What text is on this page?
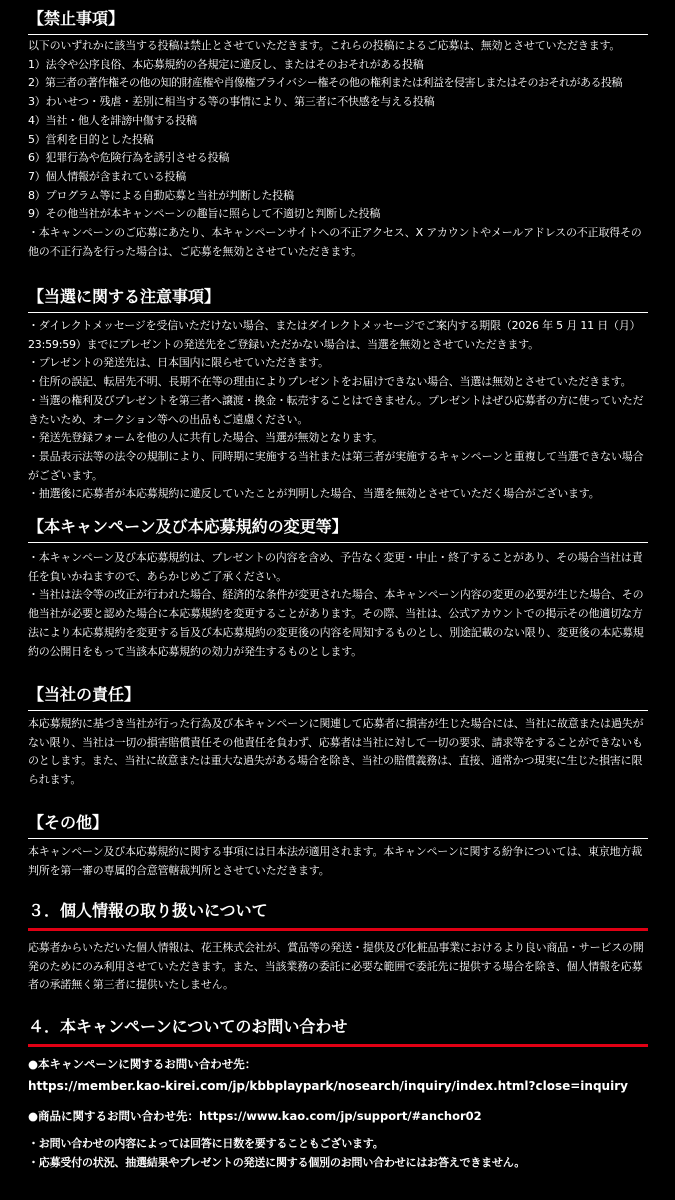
【禁止事項】

以下のいずれかに該当する投稿は禁止とさせていただきます。これらの投稿によるご応募は、無効とさせていただきます。

1）法令や公序良俗、本応募規約の各規定に違反し、またはそのおそれがある投稿

2）第三者の著作権その他の知的財産権や肖像権プライバシー権その他の権利または利益を侵害しまたはそのおそれがある投稿

3）わいせつ・残虐・差別に相当する等の事情により、第三者に不快感を与える投稿

4）当社・他人を誹謗中傷する投稿

5）営利を目的とした投稿

6）犯罪行為や危険行為を誘引させる投稿

7）個人情報が含まれている投稿

8）プログラム等による自動応募と当社が判断した投稿

9）その他当社が本キャンペーンの趣旨に照らして不適切と判断した投稿

・本キャンペーンのご応募にあたり、本キャンペーンサイトへの不正アクセス、X アカウントやメールアドレスの不正取得その他の不正行為を行った場合は、ご応募を無効とさせていただきます。

【当選に関する注意事項】

・ダイレクトメッセージを受信いただけない場合、またはダイレクトメッセージでご案内する期限（2026 年 5 月 11 日（月）23:59:59）までにプレゼントの発送先をご登録いただかない場合は、当選を無効とさせていただきます。

・プレゼントの発送先は、日本国内に限らせていただきます。

・住所の誤記、転居先不明、長期不在等の理由によりプレゼントをお届けできない場合、当選は無効とさせていただきます。

・当選の権利及びプレゼントを第三者へ譲渡・換金・転売することはできません。プレゼントはぜひ応募者の方に使っていただきたいため、オークション等への出品もご遠慮ください。

・発送先登録フォームを他の人に共有した場合、当選が無効となります。

・景品表示法等の法令の規制により、同時期に実施する当社または第三者が実施するキャンペーンと重複して当選できない場合がございます。

・抽選後に応募者が本応募規約に違反していたことが判明した場合、当選を無効とさせていただく場合がございます。

【本キャンペーン及び本応募規約の変更等】

・本キャンペーン及び本応募規約は、プレゼントの内容を含め、予告なく変更・中止・終了することがあり、その場合当社は責任を負いかねますので、あらかじめご了承ください。

・当社は法令等の改正が行われた場合、経済的な条件が変更された場合、本キャンペーン内容の変更の必要が生じた場合、その他当社が必要と認めた場合に本応募規約を変更することがあります。その際、当社は、公式アカウントでの掲示その他適切な方法により本応募規約を変更する旨及び本応募規約の変更後の内容を周知するものとし、別途記載のない限り、変更後の本応募規約の公開日をもって当該本応募規約の効力が発生するものとします。

【当社の責任】

本応募規約に基づき当社が行った行為及び本キャンペーンに関連して応募者に損害が生じた場合には、当社に故意または過失がない限り、当社は一切の損害賠償責任その他責任を負わず、応募者は当社に対して一切の要求、請求等をすることができないものとします。また、当社に故意または重大な過失がある場合を除き、当社の賠償義務は、直接、通常かつ現実に生じた損害に限られます。

【その他】

本キャンペーン及び本応募規約に関する事項には日本法が適用されます。本キャンペーンに関する紛争については、東京地方裁判所を第一審の専属的合意管轄裁判所とさせていただきます。

３．個人情報の取り扱いについて

応募者からいただいた個人情報は、花王株式会社が、賞品等の発送・提供及び化粧品事業におけるより良い商品・サービスの開発のためにのみ利用させていただきます。また、当該業務の委託に必要な範囲で委託先に提供する場合を除き、個人情報を応募者の承諾無く第三者に提供いたしません。

４．本キャンペーンについてのお問い合わせ

●本キャンペーンに関するお問い合わせ先：

https://member.kao-kirei.com/jp/kbbplaypark/nosearch/inquiry/index.html?close=inquiry

●商品に関するお問い合わせ先：https://www.kao.com/jp/support/#anchor02

・お問い合わせの内容によっては回答に日数を要することもございます。

・応募受付の状況、抽選結果やプレゼントの発送に関する個別のお問い合わせにはお答えできません。
